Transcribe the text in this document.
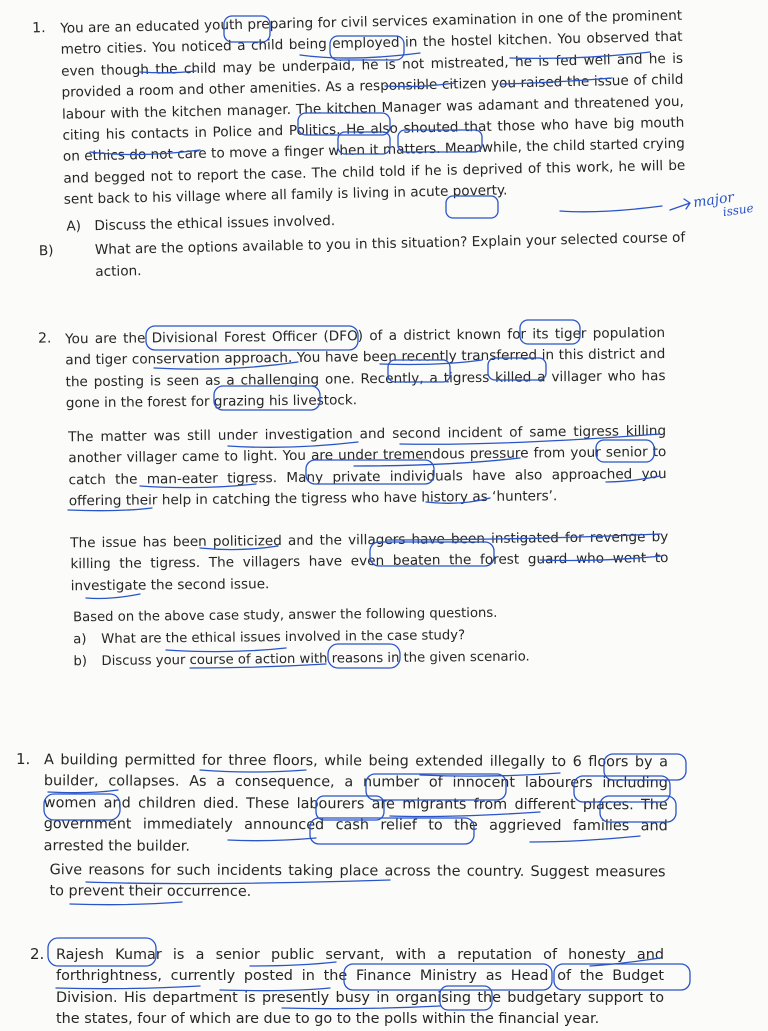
1. You are an educated youth preparing for civil services examination in one of the prominent metro cities. You noticed a child being employed in the hostel kitchen. You observed that even though the child may be underpaid, he is not mistreated, he is fed well and he is provided a room and other amenities. As a responsible citizen you raised the issue of child labour with the kitchen manager. The kitchen Manager was adamant and threatened you, citing his contacts in Police and Politics. He also shouted that those who have big mouth on ethics do not care to move a finger when it matters. Meanwhile, the child started crying and begged not to report the case. The child told if he is deprived of this work, he will be sent back to his village where all family is living in acute poverty.

A) Discuss the ethical issues involved.
B)	What are the options available to you in this situation? Explain your selected course of action.
major
issue
2. You are the Divisional Forest Officer (DFO) of a district known for its tiger population and tiger conservation approach. You have been recently transferred in this district and the posting is seen as a challenging one. Recently, a tigress killed a villager who has gone in the forest for grazing his livestock.

The matter was still under investigation and second incident of same tigress killing another villager came to light. You are under tremendous pressure from your senior to catch the man-eater tigress. Many private individuals have also approached you offering their help in catching the tigress who have history as ‘hunters’.

The issue has been politicized and the villagers have been instigated for revenge by killing the tigress. The villagers have even beaten the forest guard who went to investigate the second issue.

Based on the above case study, answer the following questions.

a) What are the ethical issues involved in the case study?
b) Discuss your course of action with reasons in the given scenario.
1. A building permitted for three floors, while being extended illegally to 6 floors by a builder, collapses. As a consequence, a number of innocent labourers including women and children died. These labourers are migrants from different places. The government immediately announced cash relief to the aggrieved families and arrested the builder.

Give reasons for such incidents taking place across the country. Suggest measures to prevent their occurrence.

2. Rajesh Kumar is a senior public servant, with a reputation of honesty and forthrightness, currently posted in the Finance Ministry as Head of the Budget Division. His department is presently busy in organising the budgetary support to the states, four of which are due to go to the polls within the financial year.
